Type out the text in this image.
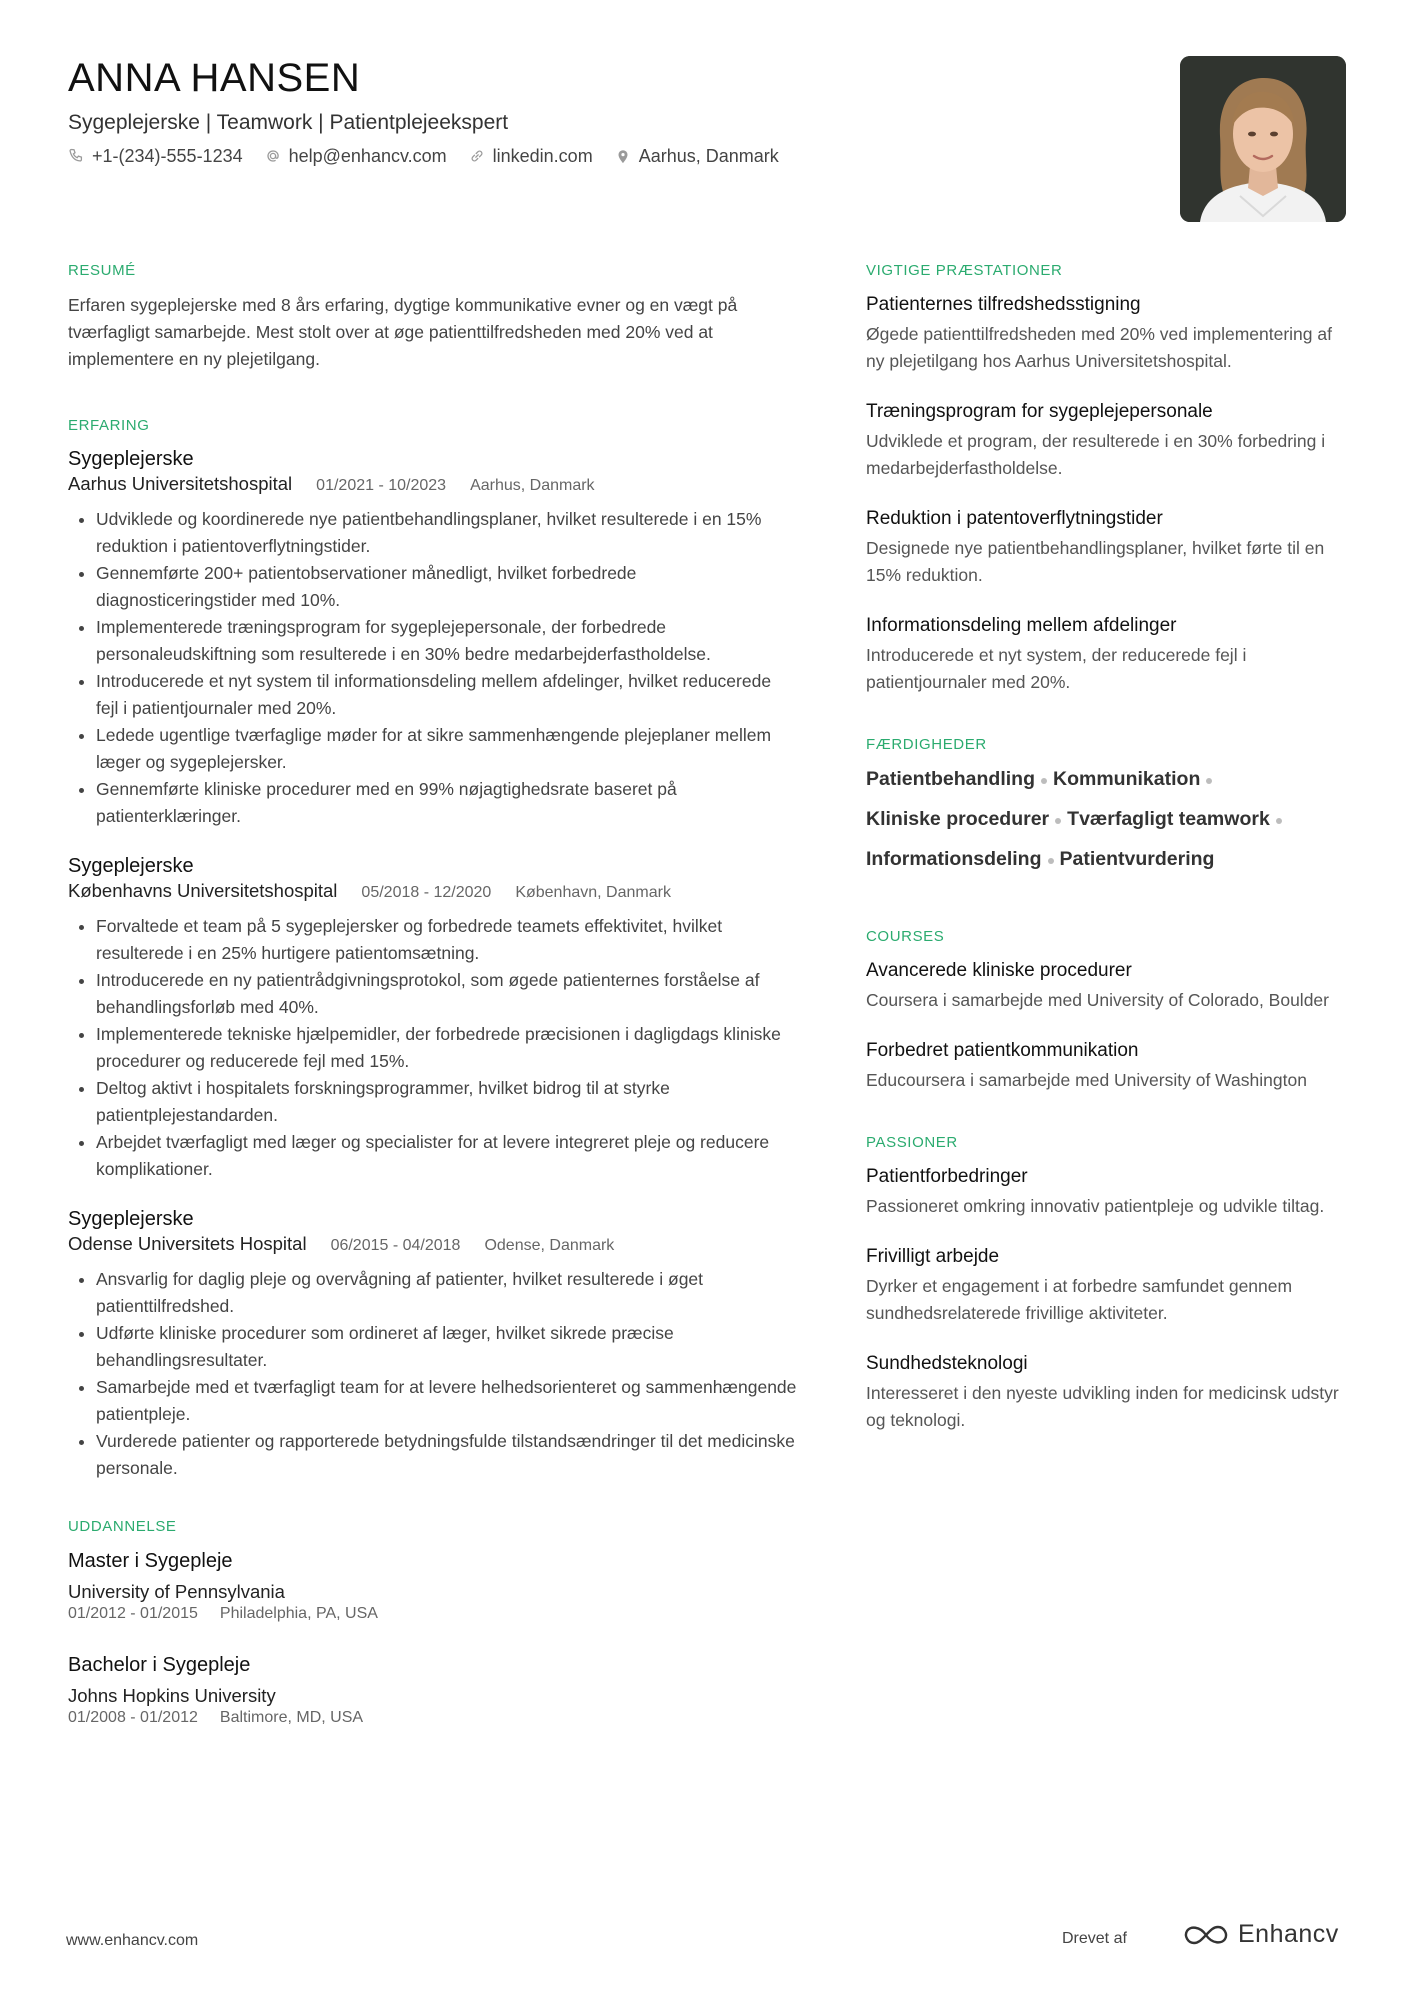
ANNA HANSEN
Sygeplejerske | Teamwork | Patientplejeekspert
+1-(234)-555-1234	help@enhancv.com	linkedin.com	Aarhus, Danmark
RESUMÉ

Erfaren sygeplejerske med 8 års erfaring, dygtige kommunikative evner og en vægt på tværfagligt samarbejde. Mest stolt over at øge patienttilfredsheden med 20% ved at implementere en ny plejetilgang.

ERFARING
Sygeplejerske
Aarhus Universitetshospital 01/2021 - 10/2023 Aarhus, Danmark
• Udviklede og koordinerede nye patientbehandlingsplaner, hvilket resulterede i en 15% reduktion i patientoverflytningstider.
• Gennemførte 200+ patientobservationer månedligt, hvilket forbedrede diagnosticeringstider med 10%.
• Implementerede træningsprogram for sygeplejepersonale, der forbedrede personaleudskiftning som resulterede i en 30% bedre medarbejderfastholdelse.
• Introducerede et nyt system til informationsdeling mellem afdelinger, hvilket reducerede fejl i patientjournaler med 20%.
• Ledede ugentlige tværfaglige møder for at sikre sammenhængende plejeplaner mellem læger og sygeplejersker.
• Gennemførte kliniske procedurer med en 99% nøjagtighedsrate baseret på patienterklæringer.
Sygeplejerske
Københavns Universitetshospital 05/2018 - 12/2020 København, Danmark
• Forvaltede et team på 5 sygeplejersker og forbedrede teamets effektivitet, hvilket resulterede i en 25% hurtigere patientomsætning.
• Introducerede en ny patientrådgivningsprotokol, som øgede patienternes forståelse af behandlingsforløb med 40%.
• Implementerede tekniske hjælpemidler, der forbedrede præcisionen i dagligdags kliniske procedurer og reducerede fejl med 15%.
• Deltog aktivt i hospitalets forskningsprogrammer, hvilket bidrog til at styrke patientplejestandarden.
• Arbejdet tværfagligt med læger og specialister for at levere integreret pleje og reducere komplikationer.
Sygeplejerske
Odense Universitets Hospital 06/2015 - 04/2018 Odense, Danmark
• Ansvarlig for daglig pleje og overvågning af patienter, hvilket resulterede i øget patienttilfredshed.
• Udførte kliniske procedurer som ordineret af læger, hvilket sikrede præcise behandlingsresultater.
• Samarbejde med et tværfagligt team for at levere helhedsorienteret og sammenhængende patientpleje.
• Vurderede patienter og rapporterede betydningsfulde tilstandsændringer til det medicinske personale.
UDDANNELSE
Master i Sygepleje
University of Pennsylvania
01/2012 - 01/2015 Philadelphia, PA, USA
Bachelor i Sygepleje
Johns Hopkins University
01/2008 - 01/2012 Baltimore, MD, USA
VIGTIGE PRÆSTATIONER
Patienternes tilfredshedsstigning
Øgede patienttilfredsheden med 20% ved implementering af ny plejetilgang hos Aarhus Universitetshospital.
Træningsprogram for sygeplejepersonale
Udviklede et program, der resulterede i en 30% forbedring i medarbejderfastholdelse.
Reduktion i patentoverflytningstider
Designede nye patientbehandlingsplaner, hvilket førte til en 15% reduktion.
Informationsdeling mellem afdelinger
Introducerede et nyt system, der reducerede fejl i patientjournaler med 20%.
FÆRDIGHEDER
Patientbehandling Kommunikation
Kliniske procedurer Tværfagligt teamwork
Informationsdeling Patientvurdering
COURSES
Avancerede kliniske procedurer
Coursera i samarbejde med University of Colorado, Boulder
Forbedret patientkommunikation
Educoursera i samarbejde med University of Washington
PASSIONER
Patientforbedringer
Passioneret omkring innovativ patientpleje og udvikle tiltag.
Frivilligt arbejde
Dyrker et engagement i at forbedre samfundet gennem sundhedsrelaterede frivillige aktiviteter.
Sundhedsteknologi
Interesseret i den nyeste udvikling inden for medicinsk udstyr og teknologi.
www.enhancv.com	Drevet af	Enhancv
